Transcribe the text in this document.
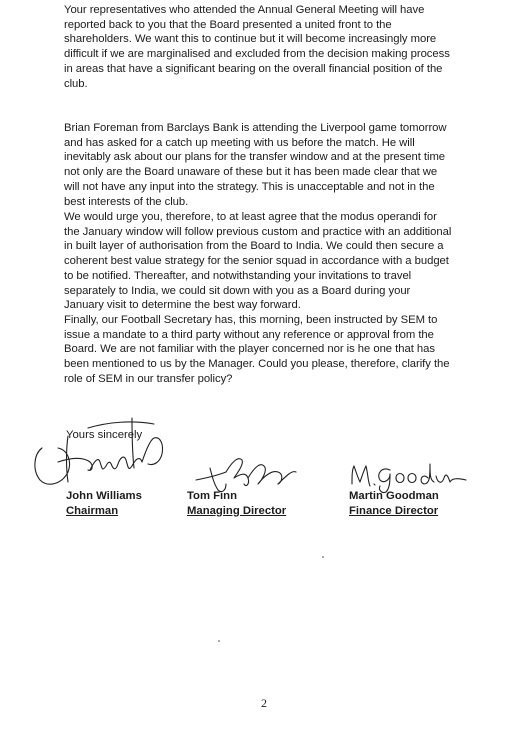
Your representatives who attended the Annual General Meeting will have
reported back to you that the Board presented a united front to the
shareholders. We want this to continue but it will become increasingly more
difficult if we are marginalised and excluded from the decision making process
in areas that have a significant bearing on the overall financial position of the
club.

Brian Foreman from Barclays Bank is attending the Liverpool game tomorrow
and has asked for a catch up meeting with us before the match. He will
inevitably ask about our plans for the transfer window and at the present time
not only are the Board unaware of these but it has been made clear that we
will not have any input into the strategy. This is unacceptable and not in the
best interests of the club.

We would urge you, therefore, to at least agree that the modus operandi for
the January window will follow previous custom and practice with an additional
in built layer of authorisation from the Board to India. We could then secure a
coherent best value strategy for the senior squad in accordance with a budget
to be notified. Thereafter, and notwithstanding your invitations to travel
separately to India, we could sit down with you as a Board during your
January visit to determine the best way forward.

Finally, our Football Secretary has, this morning, been instructed by SEM to
issue a mandate to a third party without any reference or approval from the
Board. We are not familiar with the player concerned nor is he one that has
been mentioned to us by the Manager. Could you please, therefore, clarify the
role of SEM in our transfer policy?

Yours sincerely
John Williams
Chairman
Tom Finn
Managing Director
Martin Goodman
Finance Director
2
